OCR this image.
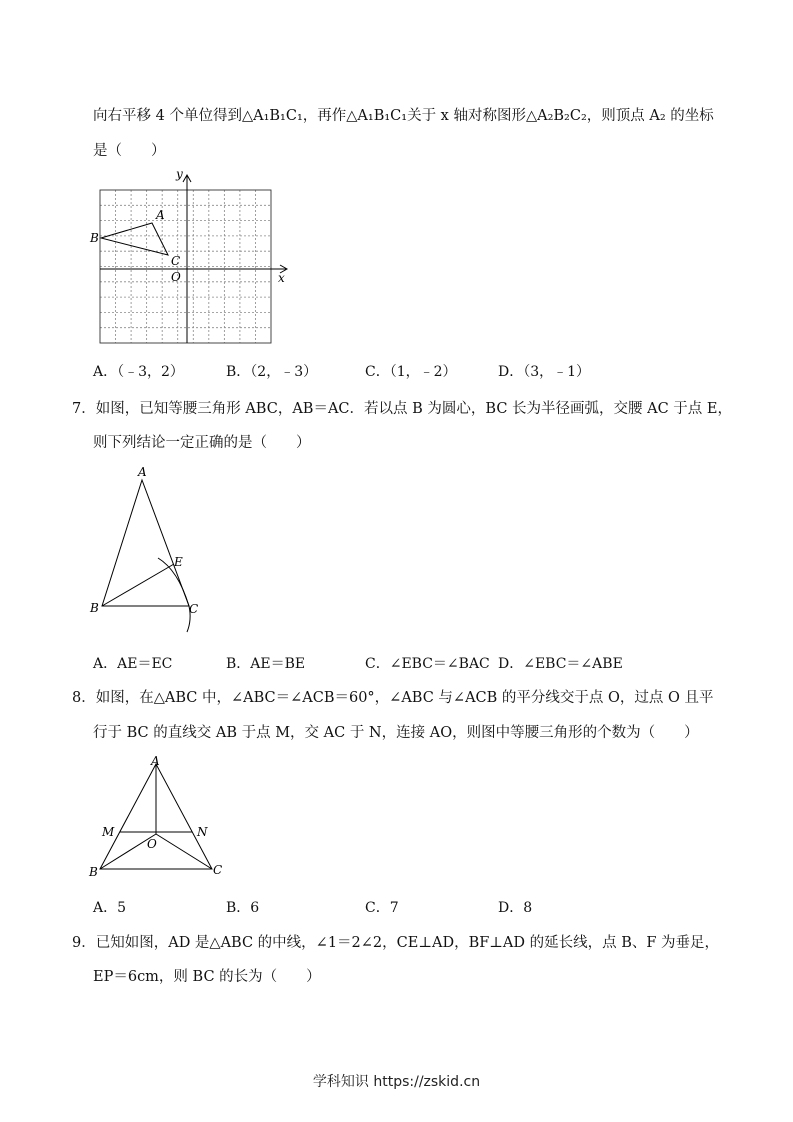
向右平移 4 个单位得到△A₁B₁C₁，再作△A₁B₁C₁关于 x 轴对称图形△A₂B₂C₂，则顶点 A₂ 的坐标
是（　　）
A
B
C
O	x
y
A．（﹣3，2）	B．（2，﹣3）	C．（1，﹣2）	D．（3，﹣1）
7．如图，已知等腰三角形 ABC，AB＝AC．若以点 B 为圆心，BC 长为半径画弧，交腰 AC 于点 E，
则下列结论一定正确的是（　　）
A
B	C
E
A．AE＝EC	B．AE＝BE	C．∠EBC＝∠BAC D．∠EBC＝∠ABE
8．如图，在△ABC 中，∠ABC＝∠ACB＝60°，∠ABC 与∠ACB 的平分线交于点 O，过点 O 且平
行于 BC 的直线交 AB 于点 M，交 AC 于 N，连接 AO，则图中等腰三角形的个数为（　　）
A
B	C
M	N
O
A．5	B．6	C．7	D．8
9．已知如图，AD 是△ABC 的中线，∠1＝2∠2，CE⊥AD，BF⊥AD 的延长线，点 B、F 为垂足，
EP＝6cm，则 BC 的长为（　　）
学科知识 https://zskid.cn
